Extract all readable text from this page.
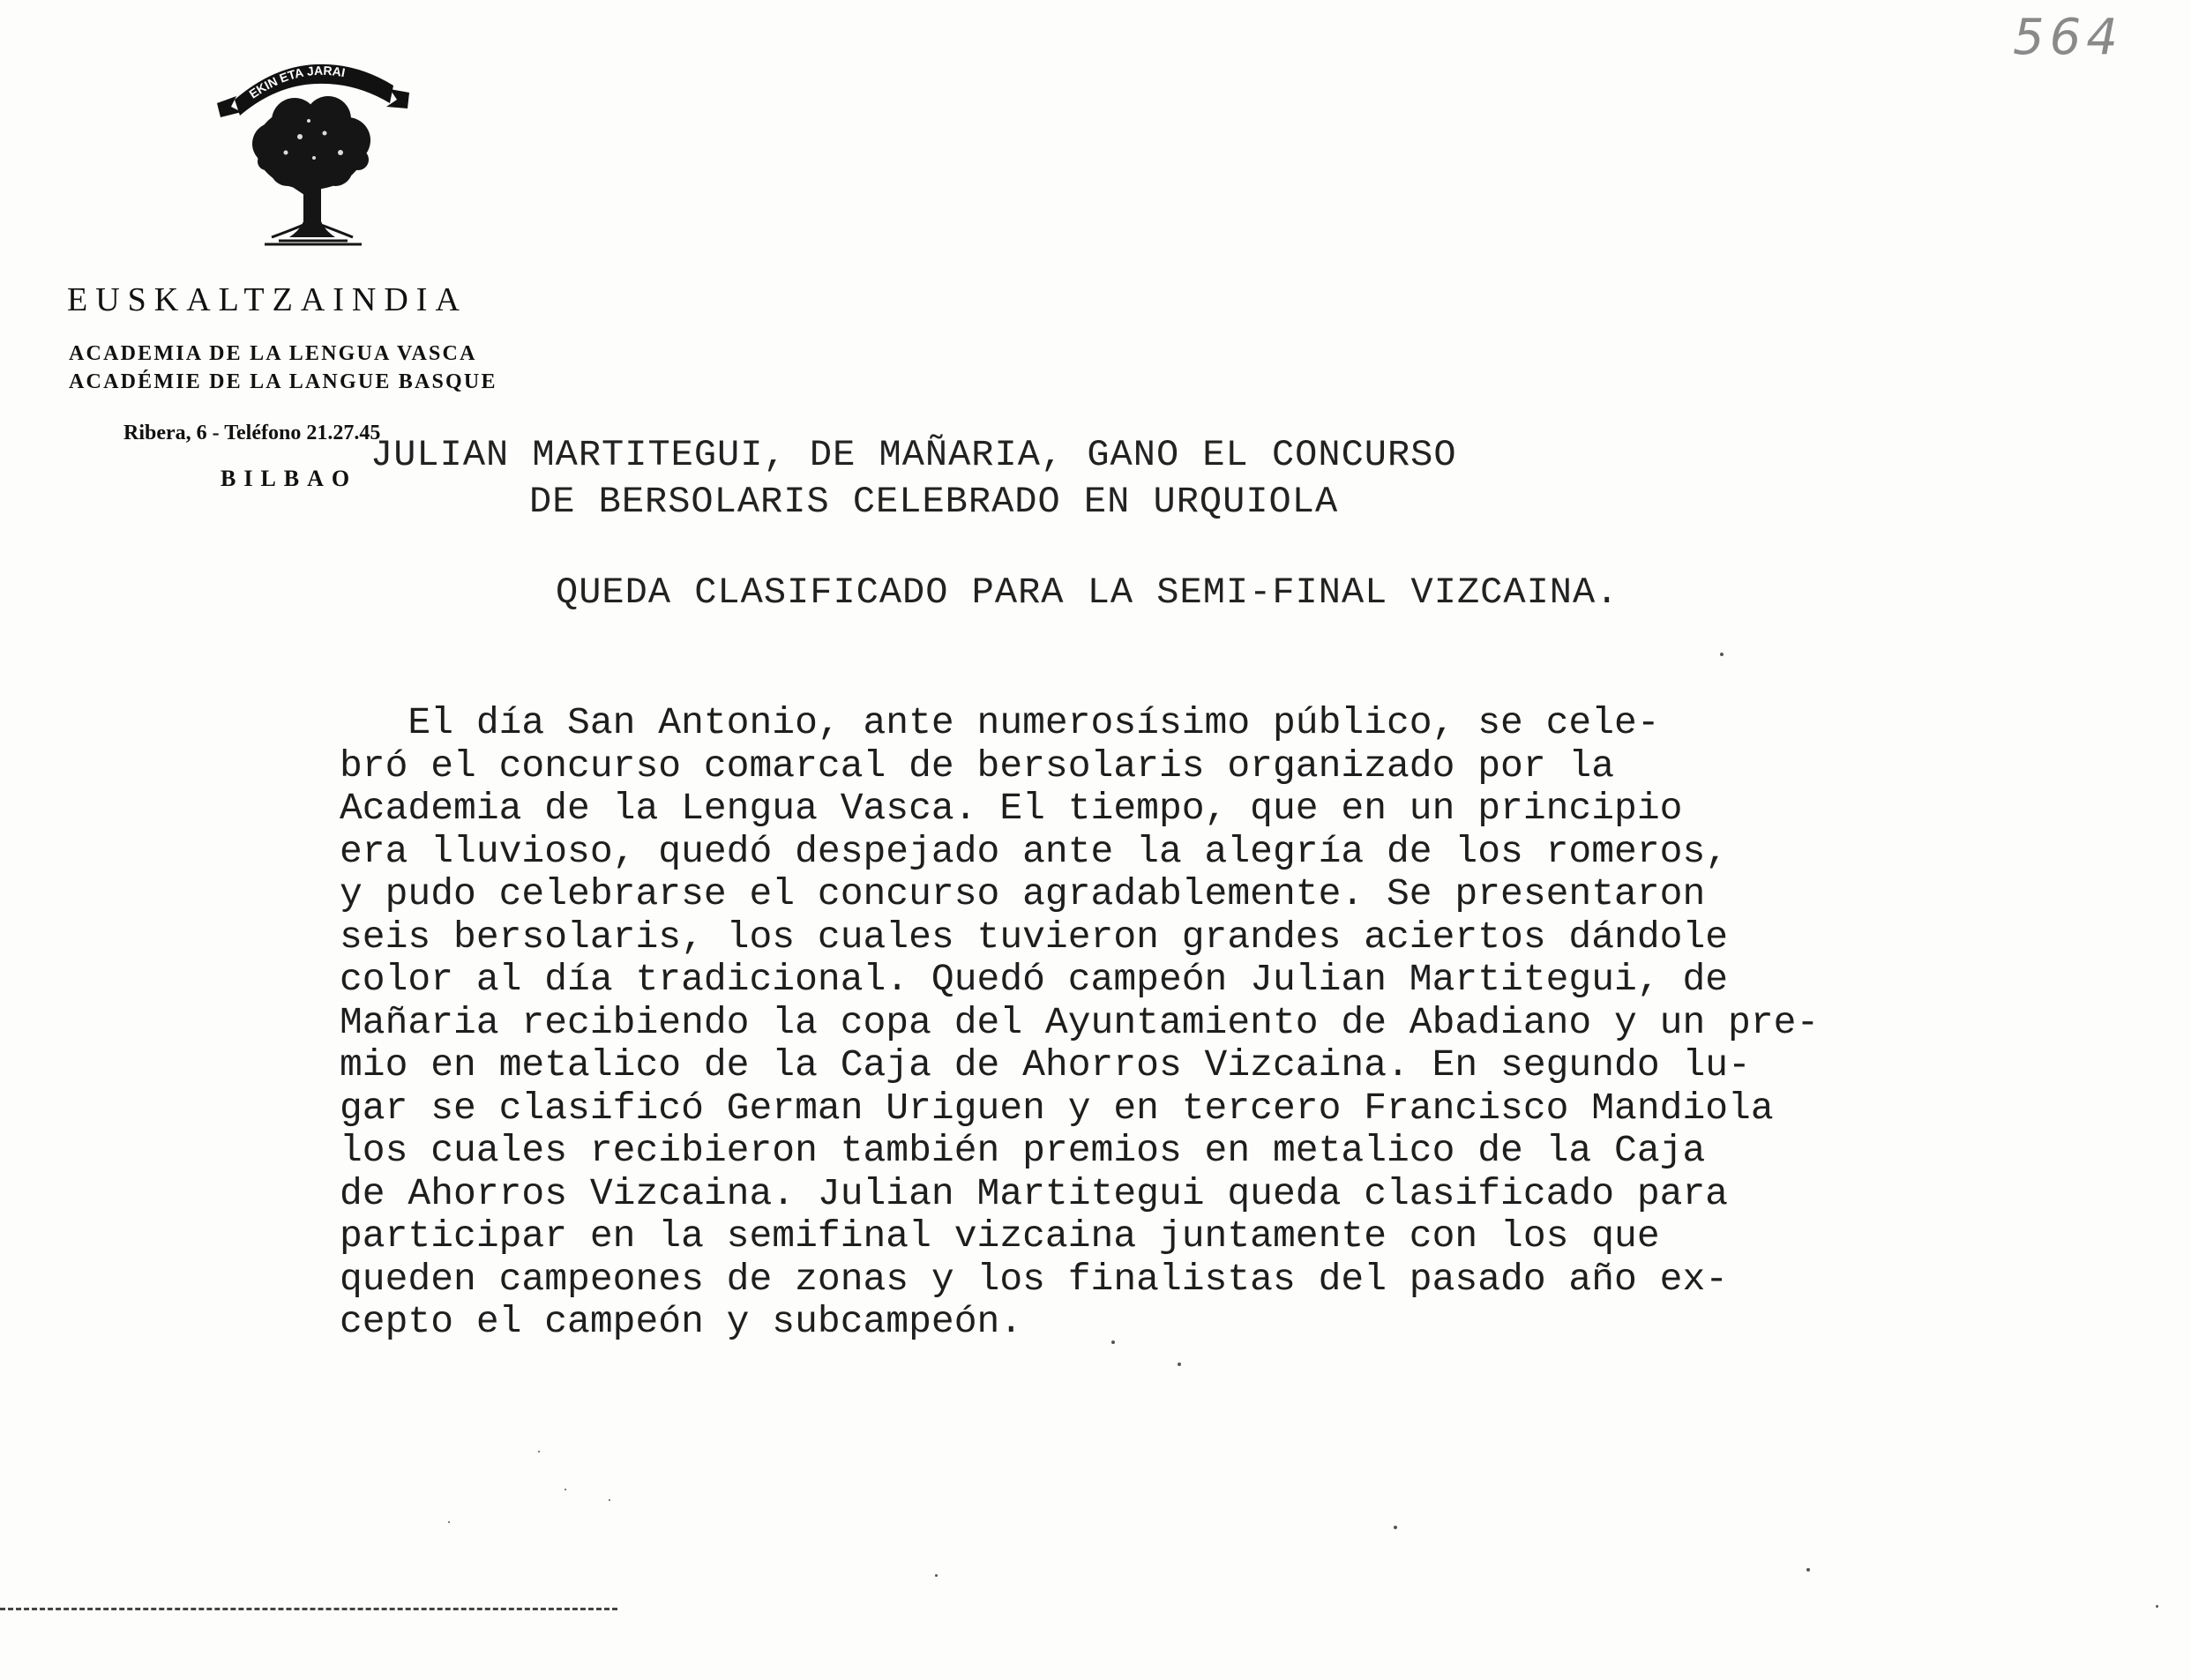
564
EKIN ETA JARAI
EUSKALTZAINDIA
ACADEMIA DE LA LENGUA VASCA
ACADÉMIE DE LA LANGUE BASQUE
Ribera, 6 - Teléfono 21.27.45
BILBAO
JULIAN MARTITEGUI, DE MAÑARIA, GANO EL CONCURSO
DE BERSOLARIS CELEBRADO EN URQUIOLA
QUEDA CLASIFICADO PARA LA SEMI-FINAL VIZCAINA.
El día San Antonio, ante numerosísimo público, se cele-
bró el concurso comarcal de bersolaris organizado por la
Academia de la Lengua Vasca. El tiempo, que en un principio
era lluvioso, quedó despejado ante la alegría de los romeros,
y pudo celebrarse el concurso agradablemente. Se presentaron
seis bersolaris, los cuales tuvieron grandes aciertos dándole
color al día tradicional. Quedó campeón Julian Martitegui, de
Mañaria recibiendo la copa del Ayuntamiento de Abadiano y un pre-
mio en metalico de la Caja de Ahorros Vizcaina. En segundo lu-
gar se clasificó German Uriguen y en tercero Francisco Mandiola
los cuales recibieron también premios en metalico de la Caja
de Ahorros Vizcaina. Julian Martitegui queda clasificado para
participar en la semifinal vizcaina juntamente con los que
queden campeones de zonas y los finalistas del pasado año ex-
cepto el campeón y subcampeón.
